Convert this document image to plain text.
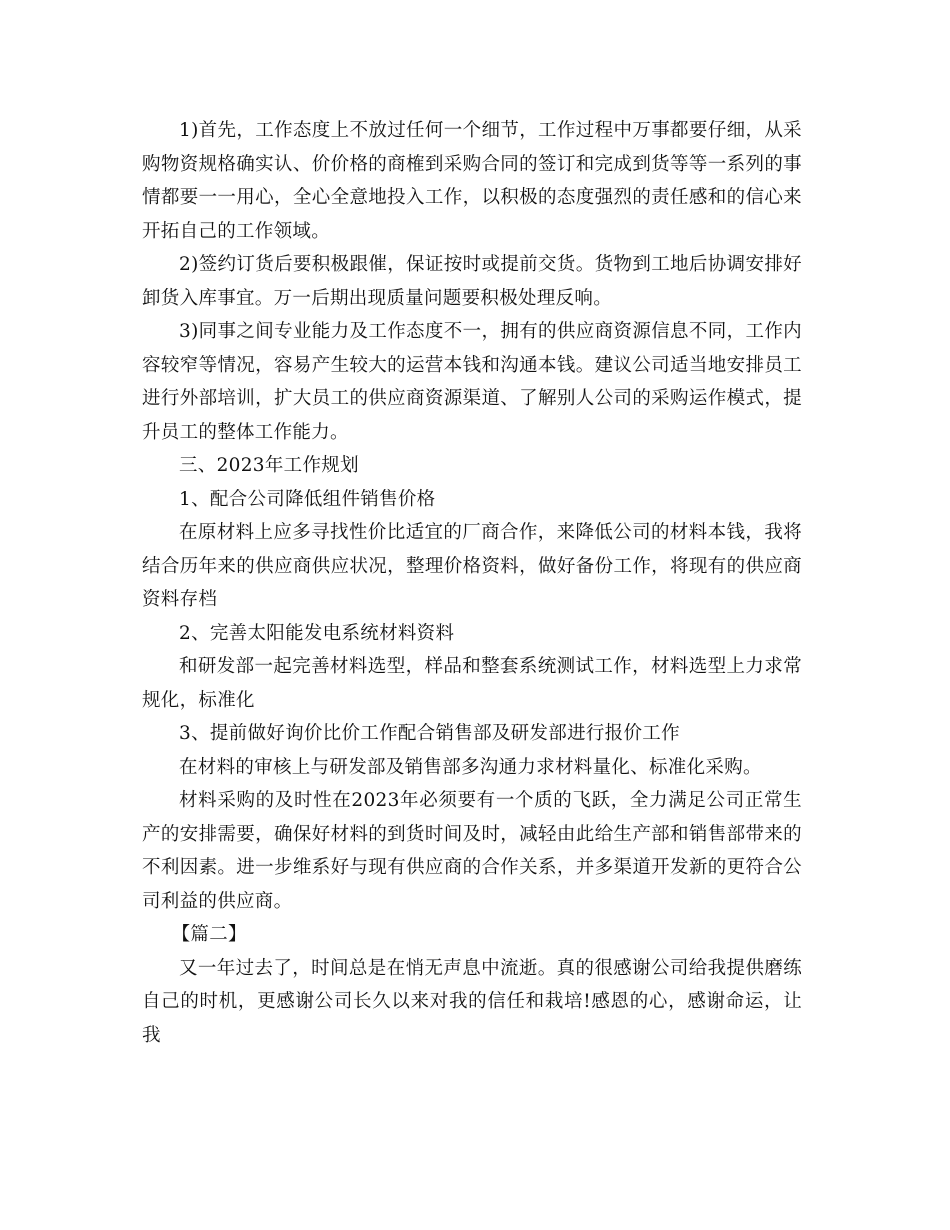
1)首先，工作态度上不放过任何一个细节，工作过程中万事都要仔细，从采购物资规格确实认、价价格的商榷到采购合同的签订和完成到货等等一系列的事情都要一一用心，全心全意地投入工作，以积极的态度强烈的责任感和的信心来开拓自己的工作领域。

2)签约订货后要积极跟催，保证按时或提前交货。货物到工地后协调安排好卸货入库事宜。万一后期出现质量问题要积极处理反响。

3)同事之间专业能力及工作态度不一，拥有的供应商资源信息不同，工作内容较窄等情况，容易产生较大的运营本钱和沟通本钱。建议公司适当地安排员工进行外部培训，扩大员工的供应商资源渠道、了解别人公司的采购运作模式，提升员工的整体工作能力。

三、2023年工作规划

1、配合公司降低组件销售价格

在原材料上应多寻找性价比适宜的厂商合作，来降低公司的材料本钱，我将结合历年来的供应商供应状况，整理价格资料，做好备份工作，将现有的供应商资料存档

2、完善太阳能发电系统材料资料

和研发部一起完善材料选型，样品和整套系统测试工作，材料选型上力求常规化，标准化

3、提前做好询价比价工作配合销售部及研发部进行报价工作

在材料的审核上与研发部及销售部多沟通力求材料量化、标准化采购。

材料采购的及时性在2023年必须要有一个质的飞跃，全力满足公司正常生产的安排需要，确保好材料的到货时间及时，减轻由此给生产部和销售部带来的不利因素。进一步维系好与现有供应商的合作关系，并多渠道开发新的更符合公司利益的供应商。

【篇二】

又一年过去了，时间总是在悄无声息中流逝。真的很感谢公司给我提供磨练自己的时机，更感谢公司长久以来对我的信任和栽培!感恩的心，感谢命运，让我
